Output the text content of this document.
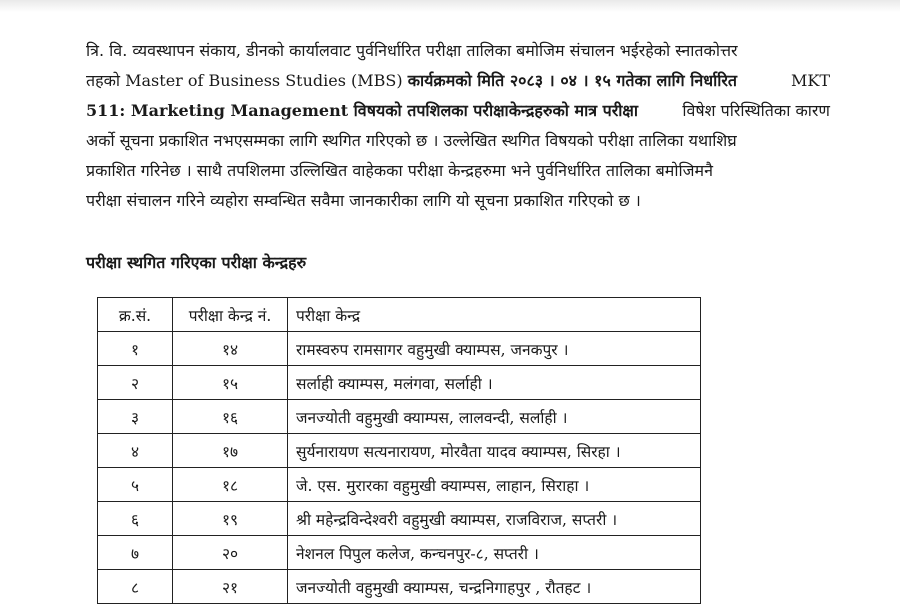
त्रि. वि. व्यवस्थापन संकाय, डीनको कार्यालवाट पुर्वनिर्धारित परीक्षा तालिका बमोजिम संचालन भईरहेको स्नातकोत्तर
तहको Master of Business Studies (MBS) कार्यक्रमको मिति २०८३ । ०४ । १५ गतेका लागि निर्धारित	MKT
511: Marketing Management विषयको तपशिलका परीक्षाकेन्द्रहरुको मात्र परीक्षा	विषेश परिस्थितिका कारण
अर्को सूचना प्रकाशित नभएसम्मका लागि स्थगित गरिएको छ । उल्लेखित स्थगित विषयको परीक्षा तालिका यथाशिघ्र
प्रकाशित गरिनेछ । साथै तपशिलमा उल्लिखित वाहेकका परीक्षा केन्द्रहरुमा भने पुर्वनिर्धारित तालिका बमोजिमनै
परीक्षा संचालन गरिने व्यहोरा सम्वन्धित सवैमा जानकारीका लागि यो सूचना प्रकाशित गरिएको छ ।
परीक्षा स्थगित गरिएका परीक्षा केन्द्रहरु
क्र.सं.	परीक्षा केन्द्र नं.	परीक्षा केन्द्र
१	१४	रामस्वरुप रामसागर वहुमुखी क्याम्पस, जनकपुर ।
२	१५	सर्लाही क्याम्पस, मलंगवा, सर्लाही ।
३	१६	जनज्योती वहुमुखी क्याम्पस, लालवन्दी, सर्लाही ।
४	१७	सुर्यनारायण सत्यनारायण, मोरवैता यादव क्याम्पस, सिरहा ।
५	१८	जे. एस. मुरारका वहुमुखी क्याम्पस, लाहान, सिराहा ।
६	१९	श्री महेन्द्रविन्देश्वरी वहुमुखी क्याम्पस, राजविराज, सप्तरी ।
७	२०	नेशनल पिपुल कलेज, कन्चनपुर-८, सप्तरी ।
८	२१	जनज्योती वहुमुखी क्याम्पस, चन्द्रनिगाहपुर , रौतहट ।
